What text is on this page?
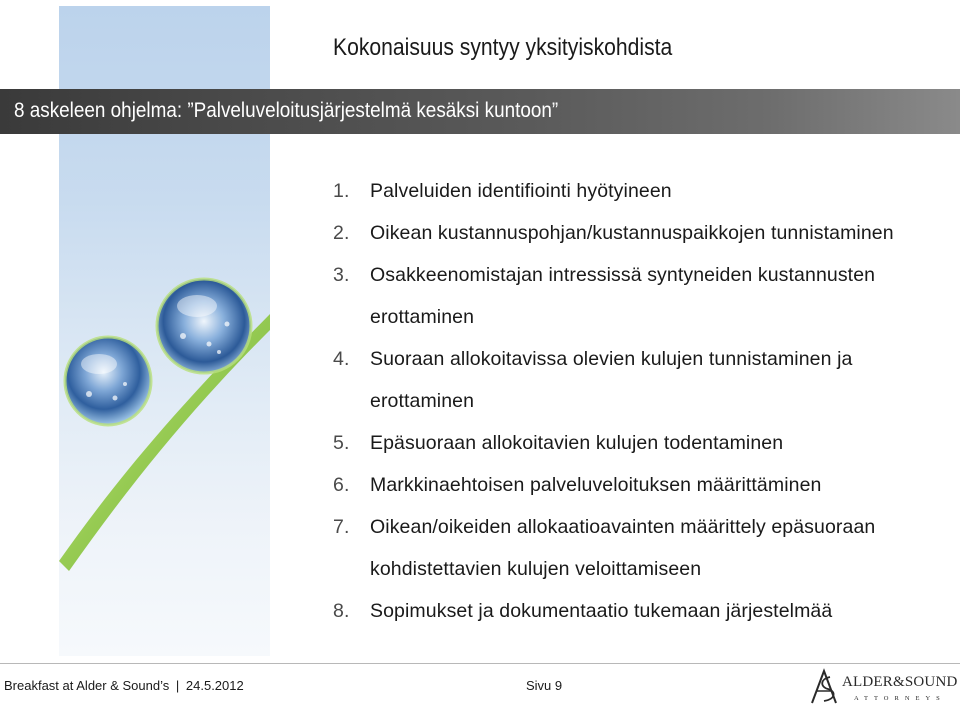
Kokonaisuus syntyy yksityiskohdista
8 askeleen ohjelma: ”Palveluveloitusjärjestelmä kesäksi kuntoon”
1. Palveluiden identifiointi hyötyineen
2. Oikean kustannuspohjan/kustannuspaikkojen tunnistaminen
3. Osakkeenomistajan intressissä syntyneiden kustannusten erottaminen
4. Suoraan allokoitavissa olevien kulujen tunnistaminen ja erottaminen
5. Epäsuoraan allokoitavien kulujen todentaminen
6. Markkinaehtoisen palveluveloituksen määrittäminen
7. Oikean/oikeiden allokaatioavainten määrittely epäsuoraan kohdistettavien kulujen veloittamiseen
8. Sopimukset ja dokumentaatio tukemaan järjestelmää
Breakfast at Alder & Sound’s | 24.5.2012	Sivu 9	ALDER&SOUND
ATTORNEYS
